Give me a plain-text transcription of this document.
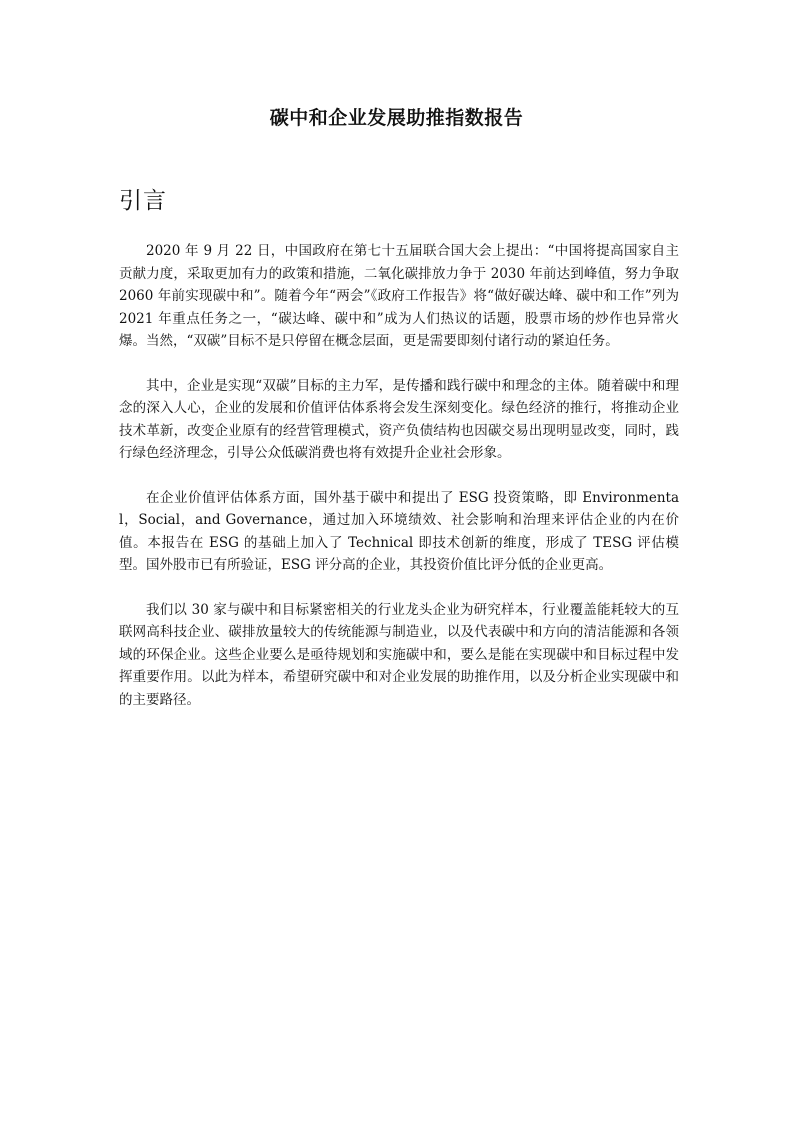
碳中和企业发展助推指数报告
引言

2020 年 9 月 22 日，中国政府在第七十五届联合国大会上提出：“中国将提高国家自主贡献力度，采取更加有力的政策和措施，二氧化碳排放力争于 2030 年前达到峰值，努力争取 2060 年前实现碳中和”。随着今年“两会”《政府工作报告》将“做好碳达峰、碳中和工作”列为 2021 年重点任务之一，“碳达峰、碳中和”成为人们热议的话题，股票市场的炒作也异常火爆。当然，“双碳”目标不是只停留在概念层面，更是需要即刻付诸行动的紧迫任务。

其中，企业是实现“双碳”目标的主力军，是传播和践行碳中和理念的主体。随着碳中和理念的深入人心，企业的发展和价值评估体系将会发生深刻变化。绿色经济的推行，将推动企业技术革新，改变企业原有的经营管理模式，资产负债结构也因碳交易出现明显改变，同时，践行绿色经济理念，引导公众低碳消费也将有效提升企业社会形象。

在企业价值评估体系方面，国外基于碳中和提出了 ESG 投资策略，即 Environmental，Social，and Governance，通过加入环境绩效、社会影响和治理来评估企业的内在价值。本报告在 ESG 的基础上加入了 Technical 即技术创新的维度，形成了 TESG 评估模型。国外股市已有所验证，ESG 评分高的企业，其投资价值比评分低的企业更高。

我们以 30 家与碳中和目标紧密相关的行业龙头企业为研究样本，行业覆盖能耗较大的互联网高科技企业、碳排放量较大的传统能源与制造业，以及代表碳中和方向的清洁能源和各领域的环保企业。这些企业要么是亟待规划和实施碳中和，要么是能在实现碳中和目标过程中发挥重要作用。以此为样本，希望研究碳中和对企业发展的助推作用，以及分析企业实现碳中和的主要路径。
